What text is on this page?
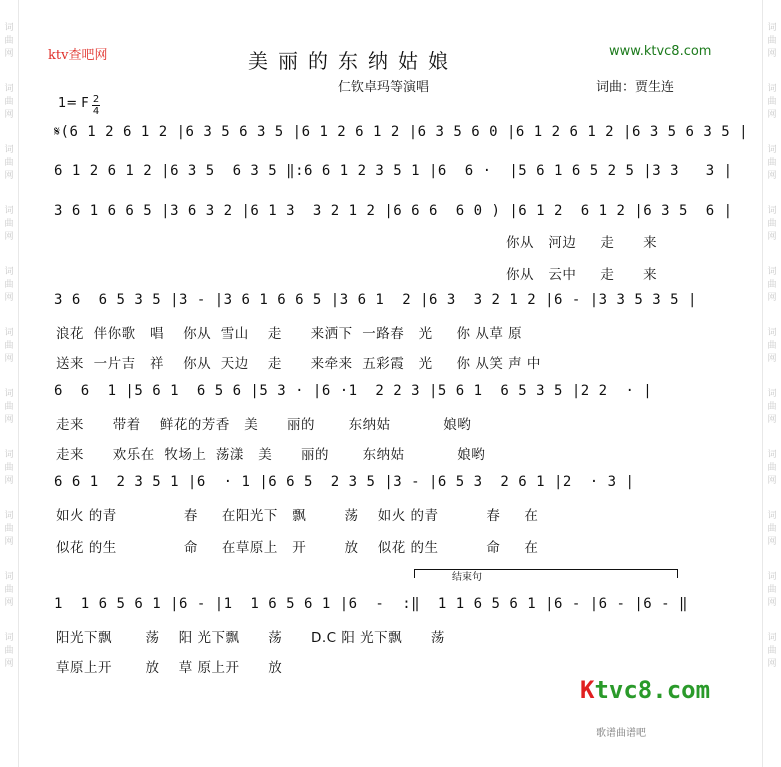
词
曲
网
词
曲
网
词
曲
网
词
曲
网
词
曲
网
词
曲
网
词
曲
网
词
曲
网
词
曲
网
词
曲
网
词
曲
网
词
曲
网
词
曲
网
词
曲
网
词
曲
网
词
曲
网
词
曲
网
词
曲
网
词
曲
网
词
曲
网
词
曲
网
词
曲
网
ktv查吧网	www.ktvc8.com
美丽的东纳姑娘
仁钦卓玛等演唱	词曲：贾生连
1= F 2
4
𝄋(6 1 2 6 1 2 |6 3 5 6 3 5 |6 1 2 6 1 2 |6 3 5 6 0 |6 1 2 6 1 2 |6 3 5 6 3 5 |
6 1 2 6 1 2 |6 3 5  6 3 5 ‖:6 6 1 2 3 5 1 |6  6 ·  |5 6 1 6 5 2 5 |3 3   3 |
3 6 1 6 6 5 |3 6 3 2 |6 1 3  3 2 1 2 |6 6 6  6 0 ) |6 1 2  6 1 2 |6 3 5  6 |
你从   河边     走      来
你从   云中     走      来
3 6  6 5 3 5 |3 - |3 6 1 6 6 5 |3 6 1  2 |6 3  3 2 1 2 |6 - |3 3 5 3 5 |
浪花  伴你歌   唱    你从  雪山    走      来洒下  一路春   光     你 从草 原
送来  一片吉   祥    你从  天边    走      来牵来  五彩霞   光     你 从笑 声 中
6  6  1 |5 6 1  6 5 6 |5 3 · |6 ·1  2 2 3 |5 6 1  6 5 3 5 |2 2  · |
走来      带着    鲜花的芳香   美      丽的       东纳姑           娘哟
走来      欢乐在  牧场上  荡漾   美      丽的       东纳姑           娘哟
6 6 1  2 3 5 1 |6  · 1 |6 6 5  2 3 5 |3 - |6 5 3  2 6 1 |2  · 3 |
如火 的青              春     在阳光下   飘        荡    如火 的青          春     在
似花 的生              命     在草原上   开        放    似花 的生          命     在
结束句
1  1 6 5 6 1 |6 - |1  1 6 5 6 1 |6  -  :‖  1 1 6 5 6 1 |6 - |6 - |6 - ‖
阳光下飘       荡    阳 光下飘      荡      D.C 阳 光下飘      荡
草原上开       放    草 原上开      放
Ktvc8.com
歌谱曲谱吧
